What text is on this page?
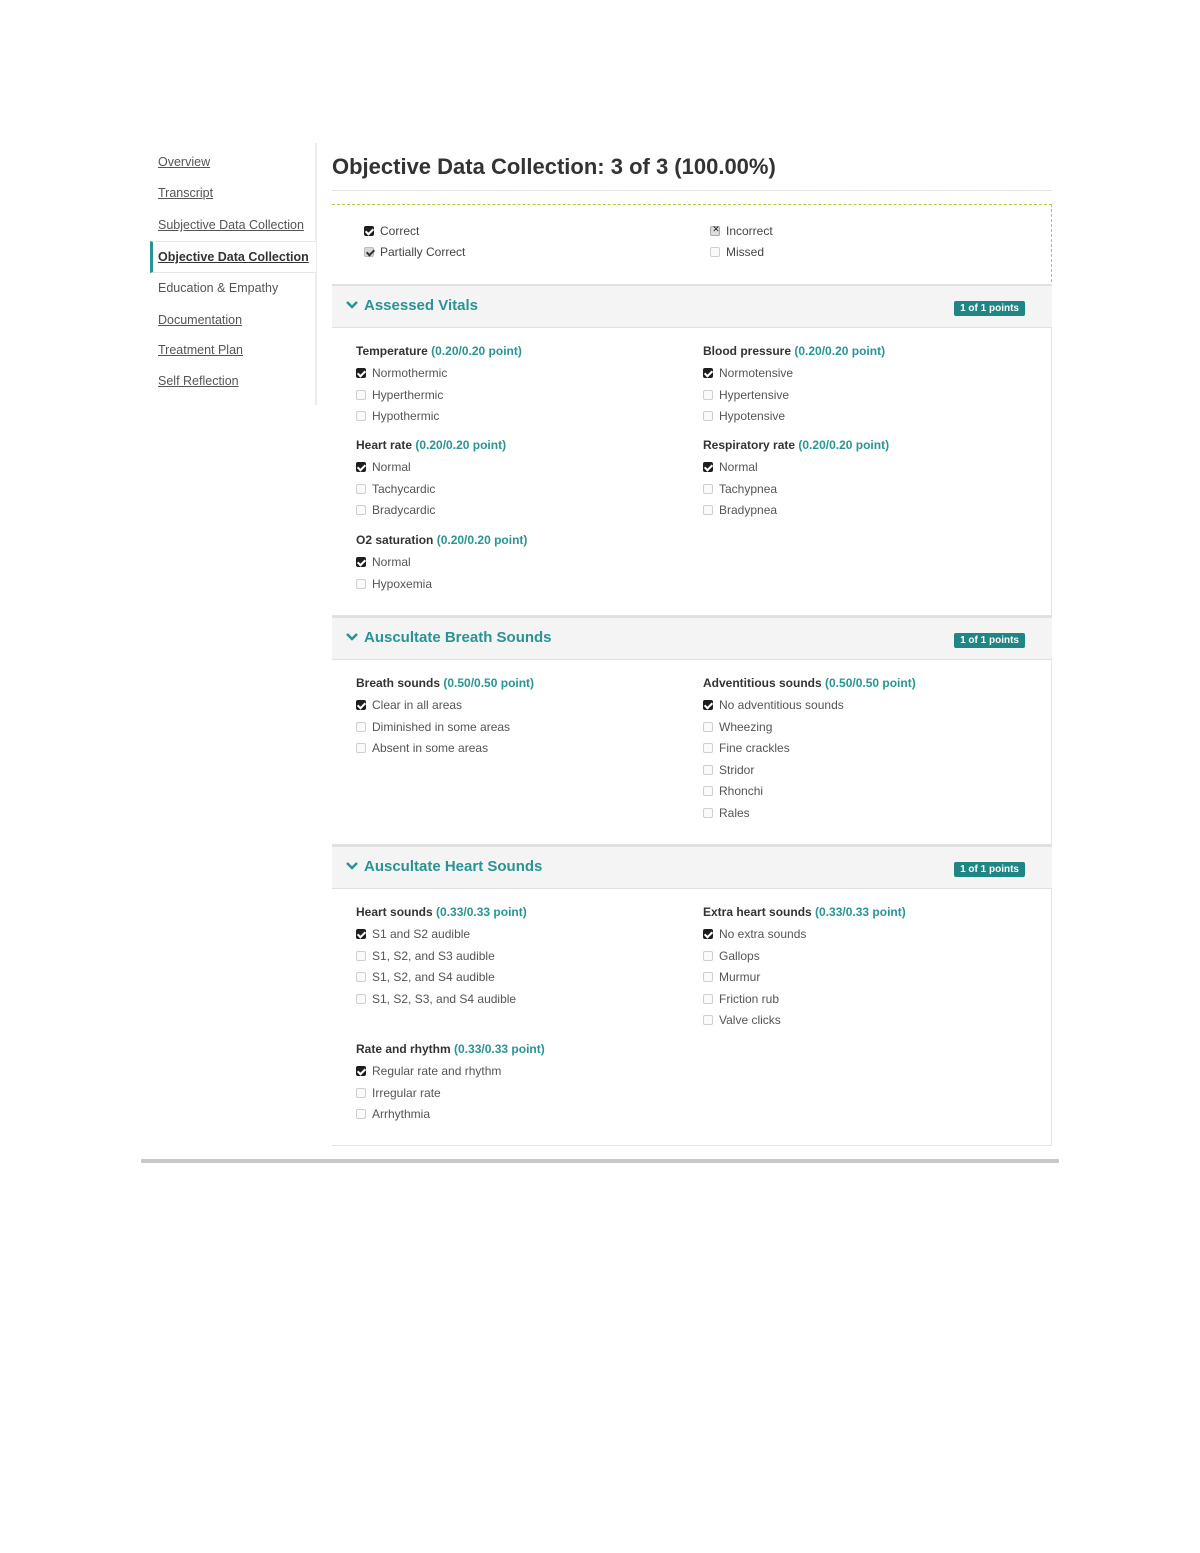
Overview
Transcript
Subjective Data Collection
Objective Data Collection
Education & Empathy
Documentation
Treatment Plan
Self Reflection
Objective Data Collection: 3 of 3 (100.00%)
Correct
Partially Correct
✕Incorrect
Missed
Assessed Vitals	1 of 1 points
Temperature (0.20/0.20 point)
Normothermic
Hyperthermic
Hypothermic
Blood pressure (0.20/0.20 point)
Normotensive
Hypertensive
Hypotensive
Heart rate (0.20/0.20 point)
Normal
Tachycardic
Bradycardic
Respiratory rate (0.20/0.20 point)
Normal
Tachypnea
Bradypnea
O2 saturation (0.20/0.20 point)
Normal
Hypoxemia
Auscultate Breath Sounds	1 of 1 points
Breath sounds (0.50/0.50 point)
Clear in all areas
Diminished in some areas
Absent in some areas
Adventitious sounds (0.50/0.50 point)
No adventitious sounds
Wheezing
Fine crackles
Stridor
Rhonchi
Rales
Auscultate Heart Sounds	1 of 1 points
Heart sounds (0.33/0.33 point)
S1 and S2 audible
S1, S2, and S3 audible
S1, S2, and S4 audible
S1, S2, S3, and S4 audible
Extra heart sounds (0.33/0.33 point)
No extra sounds
Gallops
Murmur
Friction rub
Valve clicks
Rate and rhythm (0.33/0.33 point)
Regular rate and rhythm
Irregular rate
Arrhythmia
